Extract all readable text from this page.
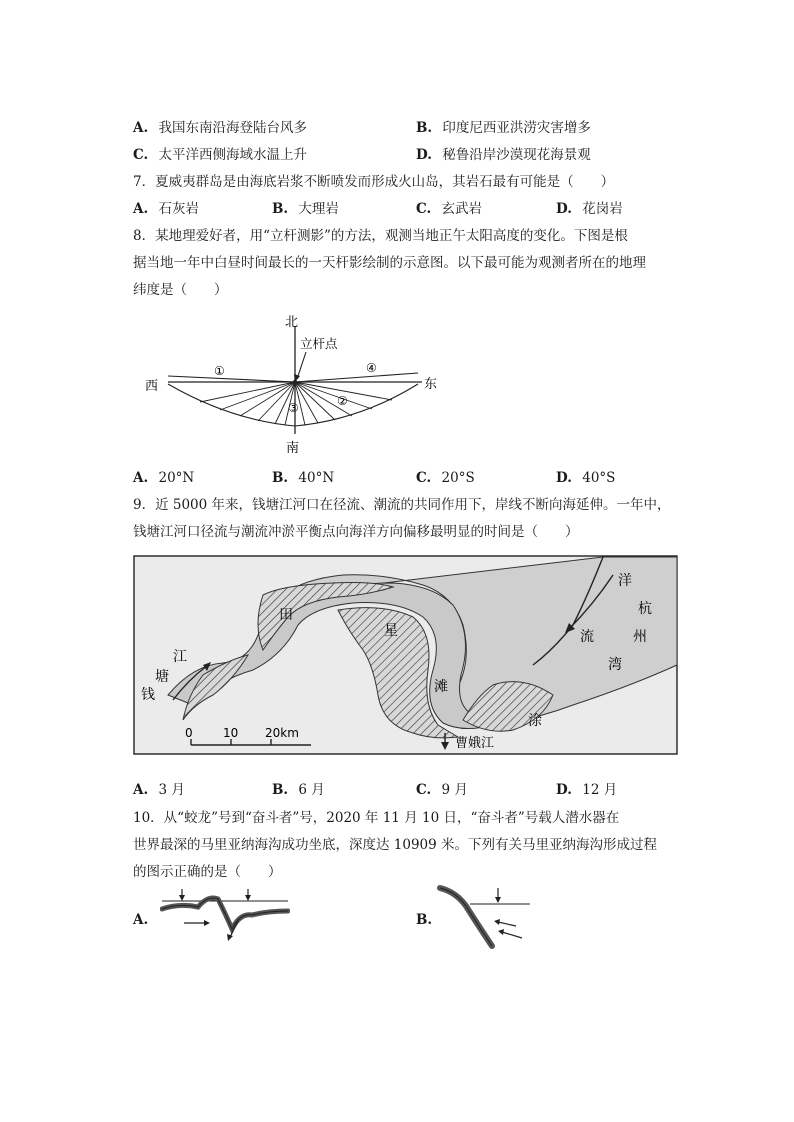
A. 我国东南沿海登陆台风多	B. 印度尼西亚洪涝灾害增多
C. 太平洋西侧海域水温上升	D. 秘鲁沿岸沙漠现花海景观
7．夏威夷群岛是由海底岩浆不断喷发而形成火山岛，其岩石最有可能是（　　）
A. 石灰岩	B. 大理岩	C. 玄武岩	D. 花岗岩
8．某地理爱好者，用“立杆测影”的方法，观测当地正午太阳高度的变化。下图是根
据当地一年中白昼时间最长的一天杆影绘制的示意图。以下最可能为观测者所在的地理
纬度是（　　）
北
南
西	东
立杆点
①
②
③
④
A. 20°N	B. 40°N	C. 20°S	D. 40°S
9．近 5000 年来，钱塘江河口在径流、潮流的共同作用下，岸线不断向海延伸。一年中，
钱塘江河口径流与潮流冲淤平衡点向海洋方向偏移最明显的时间是（　　）
江
塘
钱
田
星
滩
洋
杭
州
湾
流
涂
曹娥江
0	10 20km
A. 3 月	B. 6 月	C. 9 月	D. 12 月
10．从“蛟龙”号到“奋斗者”号，2020 年 11 月 10 日，“奋斗者”号载人潜水器在
世界最深的马里亚纳海沟成功坐底，深度达 10909 米。下列有关马里亚纳海沟形成过程
的图示正确的是（　　）
A.	B.
